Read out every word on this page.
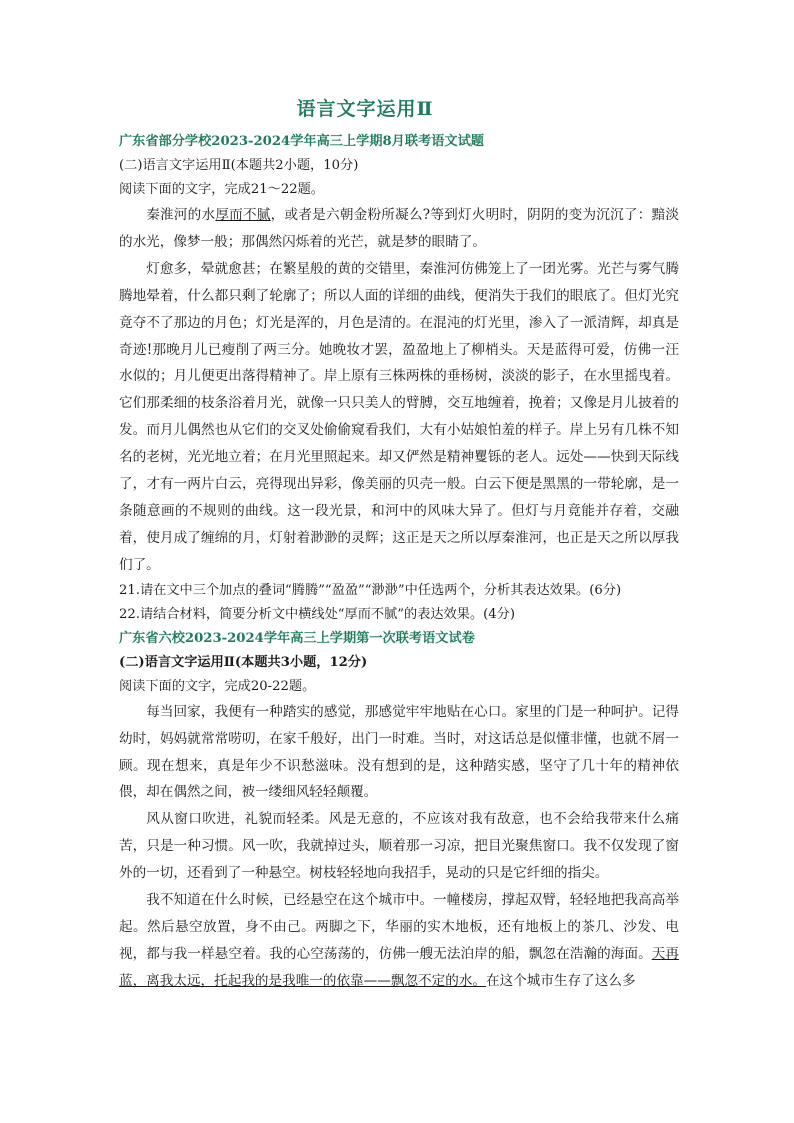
语言文字运用Ⅱ

广东省部分学校2023-2024学年高三上学期8月联考语文试题

(二)语言文字运用Ⅱ(本题共2小题，10分)

阅读下面的文字，完成21～22题。

秦淮河的水厚而不腻，或者是六朝金粉所凝么?等到灯火明时，阴阴的变为沉沉了：黯淡的水光，像梦一般；那偶然闪烁着的光芒，就是梦的眼睛了。

灯愈多，晕就愈甚；在繁星般的黄的交错里，秦淮河仿佛笼上了一团光雾。光芒与雾气腾腾地晕着，什么都只剩了轮廓了；所以人面的详细的曲线，便消失于我们的眼底了。但灯光究竟夺不了那边的月色；灯光是浑的，月色是清的。在混沌的灯光里，渗入了一派清辉，却真是奇迹!那晚月儿已瘦削了两三分。她晚妆才罢，盈盈地上了柳梢头。天是蓝得可爱，仿佛一汪水似的；月儿便更出落得精神了。岸上原有三株两株的垂杨树，淡淡的影子，在水里摇曳着。它们那柔细的枝条浴着月光，就像一只只美人的臂膊，交互地缠着，挽着；又像是月儿披着的发。而月儿偶然也从它们的交叉处偷偷窥看我们，大有小姑娘怕羞的样子。岸上另有几株不知名的老树，光光地立着；在月光里照起来。却又俨然是精神矍铄的老人。远处——快到天际线了，才有一两片白云，亮得现出异彩，像美丽的贝壳一般。白云下便是黑黑的一带轮廓，是一条随意画的不规则的曲线。这一段光景，和河中的风味大异了。但灯与月竟能并存着，交融着，使月成了缠绵的月，灯射着渺渺的灵辉；这正是天之所以厚秦淮河，也正是天之所以厚我们了。

21.请在文中三个加点的叠词“腾腾”“盈盈”“渺渺”中任选两个，分析其表达效果。(6分)

22.请结合材料，简要分析文中横线处“厚而不腻”的表达效果。(4分)

广东省六校2023-2024学年高三上学期第一次联考语文试卷

(二)语言文字运用Ⅱ(本题共3小题，12分)

阅读下面的文字，完成20-22题。

每当回家，我便有一种踏实的感觉，那感觉牢牢地贴在心口。家里的门是一种呵护。记得幼时，妈妈就常常唠叨，在家千般好，出门一时难。当时，对这话总是似懂非懂，也就不屑一顾。现在想来，真是年少不识愁滋味。没有想到的是，这种踏实感，坚守了几十年的精神依偎，却在偶然之间，被一缕细风轻轻颠覆。

风从窗口吹进，礼貌而轻柔。风是无意的，不应该对我有敌意，也不会给我带来什么痛苦，只是一种习惯。风一吹，我就掉过头，顺着那一习凉，把目光聚焦窗口。我不仅发现了窗外的一切，还看到了一种悬空。树枝轻轻地向我招手，晃动的只是它纤细的指尖。

我不知道在什么时候，已经悬空在这个城市中。一幢楼房，撑起双臂，轻轻地把我高高举起。然后悬空放置，身不由己。两脚之下，华丽的实木地板，还有地板上的茶几、沙发、电视，都与我一样悬空着。我的心空荡荡的，仿佛一艘无法泊岸的船，飘忽在浩瀚的海面。天再蓝，离我太远，托起我的是我唯一的依靠——飘忽不定的水。在这个城市生存了这么多
